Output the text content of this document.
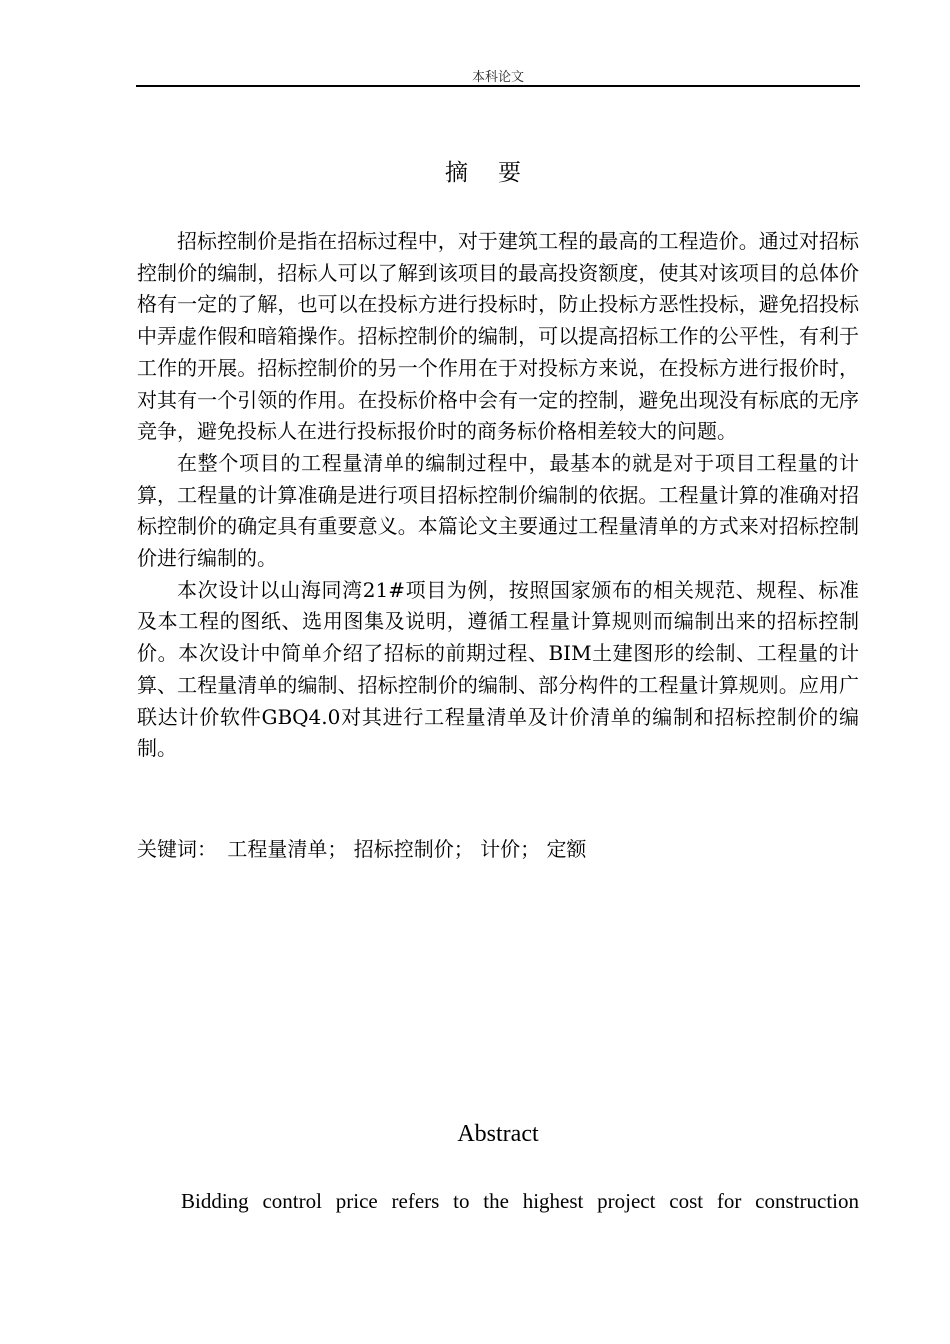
本科论文
摘要

招标控制价是指在招标过程中，对于建筑工程的最高的工程造价。通过对招标控制价的编制，招标人可以了解到该项目的最高投资额度，使其对该项目的总体价格有一定的了解，也可以在投标方进行投标时，防止投标方恶性投标，避免招投标中弄虚作假和暗箱操作。招标控制价的编制，可以提高招标工作的公平性，有利于工作的开展。招标控制价的另一个作用在于对投标方来说，在投标方进行报价时，对其有一个引领的作用。在投标价格中会有一定的控制，避免出现没有标底的无序竞争，避免投标人在进行投标报价时的商务标价格相差较大的问题。

在整个项目的工程量清单的编制过程中，最基本的就是对于项目工程量的计算，工程量的计算准确是进行项目招标控制价编制的依据。工程量计算的准确对招标控制价的确定具有重要意义。本篇论文主要通过工程量清单的方式来对招标控制价进行编制的。

本次设计以山海同湾21#项目为例，按照国家颁布的相关规范、规程、标准及本工程的图纸、选用图集及说明，遵循工程量计算规则而编制出来的招标控制价。本次设计中简单介绍了招标的前期过程、BIM土建图形的绘制、工程量的计算、工程量清单的编制、招标控制价的编制、部分构件的工程量计算规则。应用广联达计价软件GBQ4.0对其进行工程量清单及计价清单的编制和招标控制价的编制。

关键词： 工程量清单； 招标控制价； 计价； 定额
Abstract

Bidding control price refers to the highest project cost for construction
